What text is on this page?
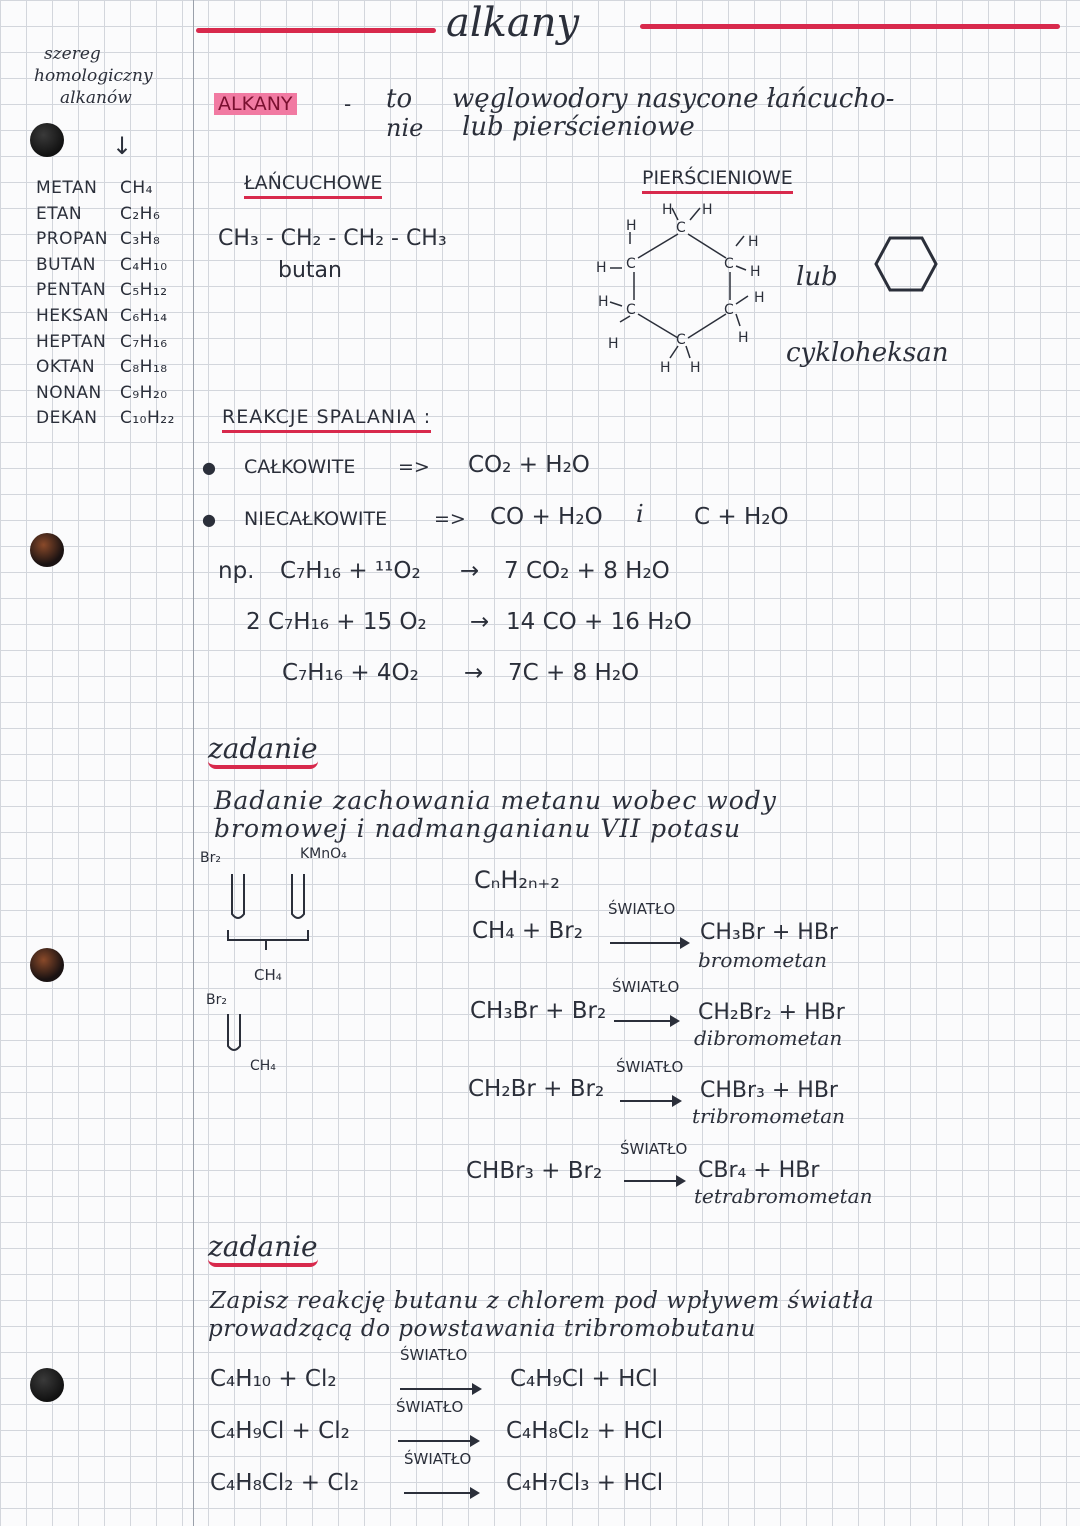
alkany
szereg
homologiczny
alkanów
↓
METAN CH₄
ETAN C₂H₆
PROPAN C₃H₈
BUTAN C₄H₁₀
PENTAN C₅H₁₂
HEKSAN C₆H₁₄
HEPTAN C₇H₁₆
OKTAN C₈H₁₈
NONAN C₉H₂₀
DEKAN C₁₀H₂₂
ALKANY	- to
nie
węglowodory nasycone łańcucho-
lub pierścieniowe
ŁAŃCUCHOWE
CH₃ - CH₂ - CH₂ - CH₃
butan
PIERŚCIENIOWE
C
C	C
C	C
C
H H
H
H
H
H
H
H
H	H
H H
lub
cykloheksan
REAKCJE SPALANIA :
● CAŁKOWITE => CO₂ + H₂O
● NIECAŁKOWITE => CO + H₂O i C + H₂O
np. C₇H₁₆ + ¹¹O₂ → 7 CO₂ + 8 H₂O
2 C₇H₁₆ + 15 O₂ → 14 CO + 16 H₂O
C₇H₁₆ + 4O₂ → 7C + 8 H₂O
zadanie
Badanie zachowania metanu wobec wody
bromowej i nadmanganianu VII potasu
Br₂	KMnO₄
CH₄
Br₂
CH₄
CₙH₂ₙ₊₂
CH₄ + Br₂
ŚWIATŁO
CH₃Br + HBr
bromometan
CH₃Br + Br₂
ŚWIATŁO
CH₂Br₂ + HBr
dibromometan
CH₂Br + Br₂
ŚWIATŁO
CHBr₃ + HBr
tribromometan
CHBr₃ + Br₂
ŚWIATŁO
CBr₄ + HBr
tetrabromometan
zadanie
Zapisz reakcję butanu z chlorem pod wpływem światła
prowadzącą do powstawania tribromobutanu
C₄H₁₀ + Cl₂
ŚWIATŁO
C₄H₉Cl + HCl
C₄H₉Cl + Cl₂
ŚWIATŁO
C₄H₈Cl₂ + HCl
C₄H₈Cl₂ + Cl₂
ŚWIATŁO
C₄H₇Cl₃ + HCl
